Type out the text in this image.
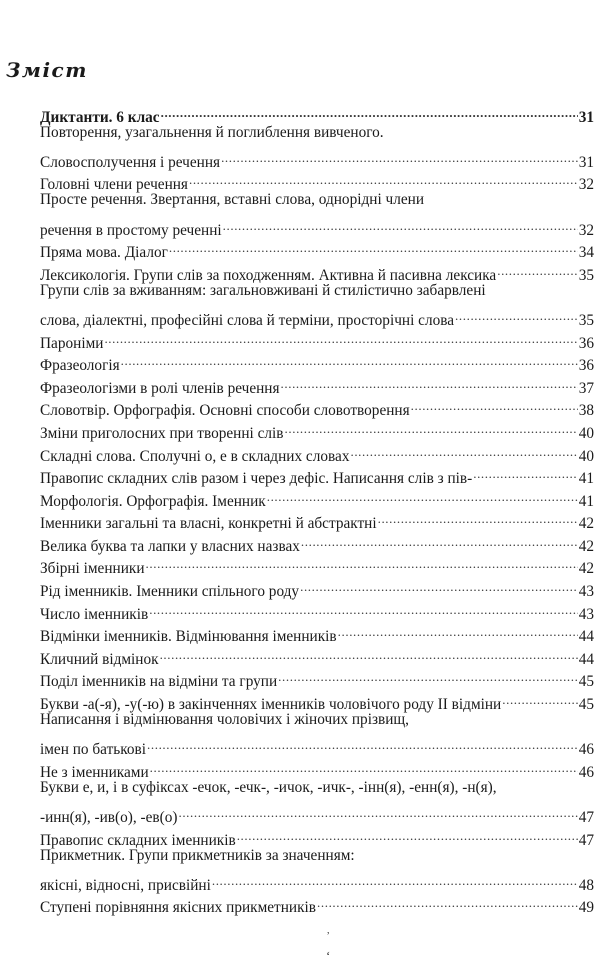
Зміст
Диктанти. 6 клас .....	31
Повторення, узагальнення й поглиблення вивченого.
Словосполучення і речення .....	31
Головні члени речення .....	32
Просте речення. Звертання, вставні слова, однорідні члени
речення в простому реченні .....	32
Пряма мова. Діалог .....	34
Лексикологія. Групи слів за походженням. Активна й пасивна лексика .....	35
Групи слів за вживанням: загальновживані й стилістично забарвлені
слова, діалектні, професійні слова й терміни, просторічні слова .....	35
Пароніми .....	36
Фразеологія .....	36
Фразеологізми в ролі членів речення .....	37
Словотвір. Орфографія. Основні способи словотворення .....	38
Зміни приголосних при творенні слів .....	40
Складні слова. Сполучні о, е в складних словах .....	40
Правопис складних слів разом і через дефіс. Написання слів з пів- .....	41
Морфологія. Орфографія. Іменник .....	41
Іменники загальні та власні, конкретні й абстрактні .....	42
Велика буква та лапки у власних назвах .....	42
Збірні іменники .....	42
Рід іменників. Іменники спільного роду .....	43
Число іменників .....	43
Відмінки іменників. Відмінювання іменників .....	44
Кличний відмінок .....	44
Поділ іменників на відміни та групи .....	45
Букви -а(-я), -у(-ю) в закінченнях іменників чоловічого роду ІІ відміни .....	45
Написання і відмінювання чоловічих і жіночих прізвищ,
імен по батькові .....	46
Не з іменниками .....	46
Букви е, и, і в суфіксах -ечок, -ечк-, -ичок, -ичк-, -інн(я), -енн(я), -н(я),
-инн(я), -ив(о), -ев(о) .....	47
Правопис складних іменників .....	47
Прикметник. Групи прикметників за значенням:
якісні, відносні, присвійні .....	48
Ступені порівняння якісних прикметників .....	49
,
‘
